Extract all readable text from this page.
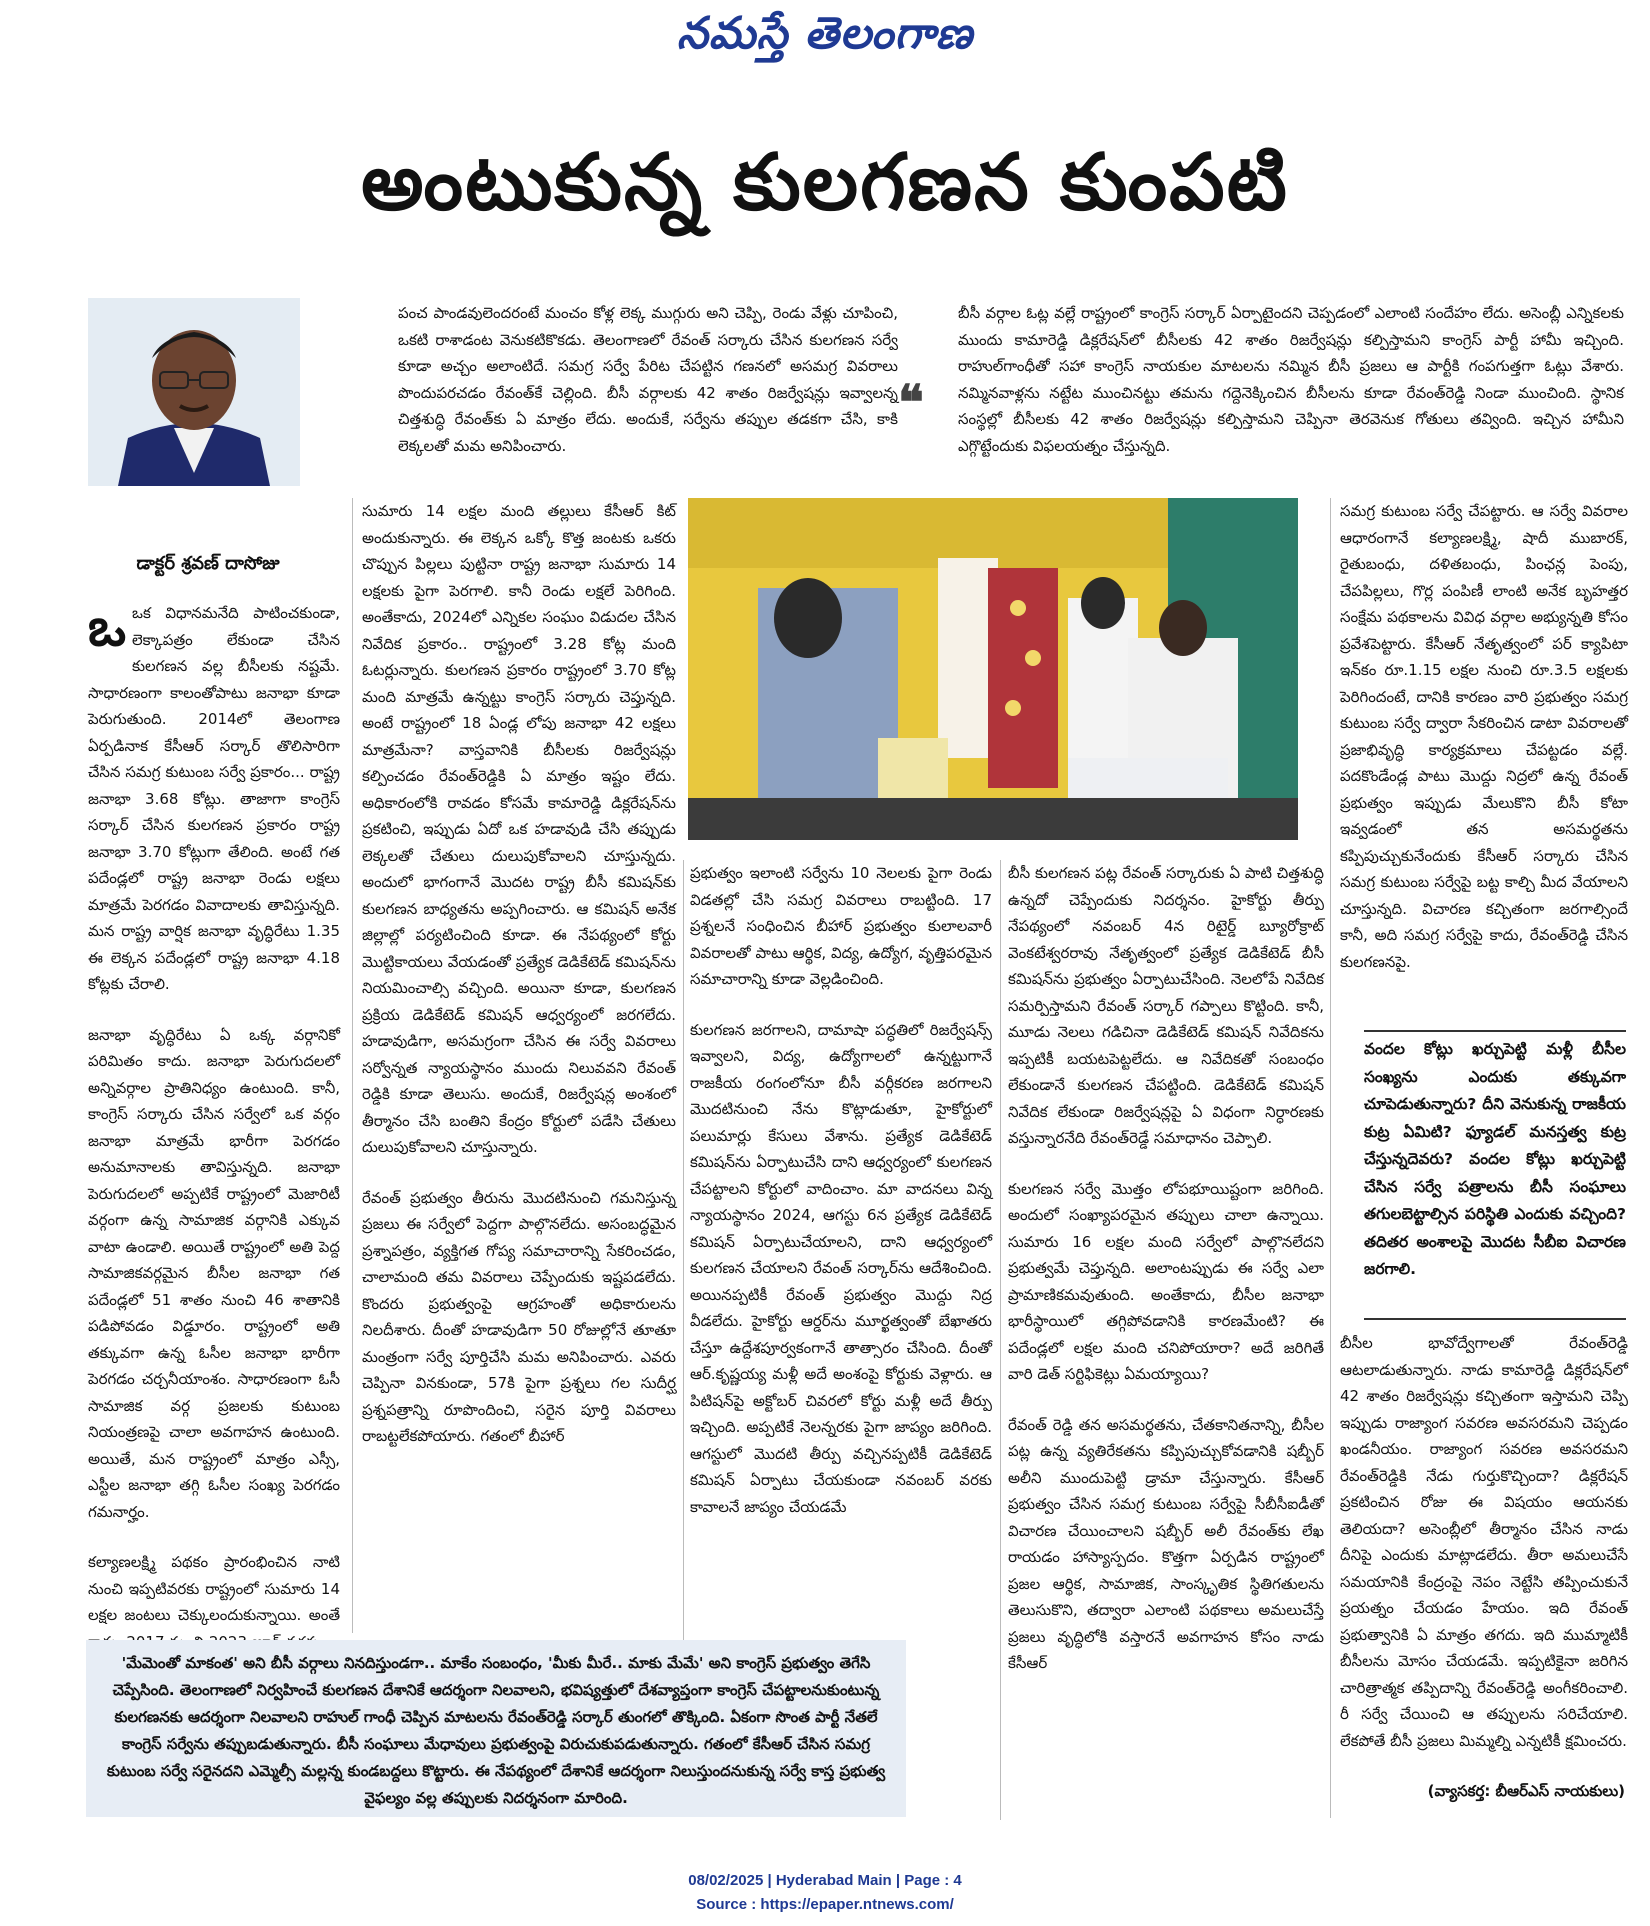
నమస్తే తెలంగాణ
అంటుకున్న కులగణన కుంపటి
డాక్టర్ శ్రవణ్ దాసోజు

పంచ పాండవులెందరంటే మంచం కోళ్ల లెక్క ముగ్గురు అని చెప్పి, రెండు వేళ్లు చూపించి, ఒకటి రాశాడంట వెనుకటికొకడు. తెలంగాణలో రేవంత్ సర్కారు చేసిన కులగణన సర్వే కూడా అచ్చం అలాంటిదే. సమగ్ర సర్వే పేరిట చేపట్టిన గణనలో అసమగ్ర వివరాలు పొందుపరచడం రేవంత్‌కే చెల్లింది. బీసీ వర్గాలకు 42 శాతం రిజర్వేషన్లు ఇవ్వాలన్న చిత్తశుద్ధి రేవంత్‌కు ఏ మాత్రం లేదు. అందుకే, సర్వేను తప్పుల తడకగా చేసి, కాకి లెక్కలతో మమ అనిపించారు.

❝

బీసీ వర్గాల ఓట్ల వల్లే రాష్ట్రంలో కాంగ్రెస్ సర్కార్ ఏర్పాటైందని చెప్పడంలో ఎలాంటి సందేహం లేదు. అసెంబ్లీ ఎన్నికలకు ముందు కామారెడ్డి డిక్లరేషన్‌లో బీసీలకు 42 శాతం రిజర్వేషన్లు కల్పిస్తామని కాంగ్రెస్ పార్టీ హామీ ఇచ్చింది. రాహుల్‌గాంధీతో సహా కాంగ్రెస్ నాయకుల మాటలను నమ్మిన బీసీ ప్రజలు ఆ పార్టీకి గంపగుత్తగా ఓట్లు వేశారు. నమ్మినవాళ్లను నట్టేట ముంచినట్టు తమను గద్దెనెక్కించిన బీసీలను కూడా రేవంత్‌రెడ్డి నిండా ముంచింది. స్థానిక సంస్థల్లో బీసీలకు 42 శాతం రిజర్వేషన్లు కల్పిస్తామని చెప్పినా తెరవెనుక గోతులు తవ్వింది. ఇచ్చిన హామీని ఎగ్గొట్టేందుకు విఫలయత్నం చేస్తున్నది.

ఒఒక విధానమనేది పాటించకుండా, లెక్కాపత్రం లేకుండా చేసిన కులగణన వల్ల బీసీలకు నష్టమే. సాధారణంగా కాలంతోపాటు జనాభా కూడా పెరుగుతుంది. 2014లో తెలంగాణ ఏర్పడినాక కేసీఆర్ సర్కార్ తొలిసారిగా చేసిన సమగ్ర కుటుంబ సర్వే ప్రకారం... రాష్ట్ర జనాభా 3.68 కోట్లు. తాజాగా కాంగ్రెస్ సర్కార్ చేసిన కులగణన ప్రకారం రాష్ట్ర జనాభా 3.70 కోట్లుగా తేలింది. అంటే గత పదేండ్లలో రాష్ట్ర జనాభా రెండు లక్షలు మాత్రమే పెరగడం వివాదాలకు తావిస్తున్నది. మన రాష్ట్ర వార్షిక జనాభా వృద్ధిరేటు 1.35 ఈ లెక్కన పదేండ్లలో రాష్ట్ర జనాభా 4.18 కోట్లకు చేరాలి.

జనాభా వృద్ధిరేటు ఏ ఒక్క వర్గానికో పరిమితం కాదు. జనాభా పెరుగుదలలో అన్నివర్గాల ప్రాతినిధ్యం ఉంటుంది. కానీ, కాంగ్రెస్ సర్కారు చేసిన సర్వేలో ఒక వర్గం జనాభా మాత్రమే భారీగా పెరగడం అనుమానాలకు తావిస్తున్నది. జనాభా పెరుగుదలలో అప్పటికే రాష్ట్రంలో మెజారిటీ వర్గంగా ఉన్న సామాజిక వర్గానికి ఎక్కువ వాటా ఉండాలి. అయితే రాష్ట్రంలో అతి పెద్ద సామాజికవర్గమైన బీసీల జనాభా గత పదేండ్లలో 51 శాతం నుంచి 46 శాతానికి పడిపోవడం విడ్డూరం. రాష్ట్రంలో అతి తక్కువగా ఉన్న ఓసీల జనాభా భారీగా పెరగడం చర్చనీయాంశం. సాధారణంగా ఓసీ సామాజిక వర్గ ప్రజలకు కుటుంబ నియంత్రణపై చాలా అవగాహన ఉంటుంది. అయితే, మన రాష్ట్రంలో మాత్రం ఎస్సీ, ఎస్టీల జనాభా తగ్గి ఓసీల సంఖ్య పెరగడం గమనార్హం.

కల్యాణలక్ష్మి పథకం ప్రారంభించిన నాటి నుంచి ఇప్పటివరకు రాష్ట్రంలో సుమారు 14 లక్షల జంటలు చెక్కులందుకున్నాయి. అంతే

సుమారు 14 లక్షల మంది తల్లులు కేసీఆర్ కిట్ అందుకున్నారు. ఈ లెక్కన ఒక్కో కొత్త జంటకు ఒకరు చొప్పున పిల్లలు పుట్టినా రాష్ట్ర జనాభా సుమారు 14 లక్షలకు పైగా పెరగాలి. కానీ రెండు లక్షలే పెరిగింది. అంతేకాదు, 2024లో ఎన్నికల సంఘం విడుదల చేసిన నివేదిక ప్రకారం.. రాష్ట్రంలో 3.28 కోట్ల మంది ఓటర్లున్నారు. కులగణన ప్రకారం రాష్ట్రంలో 3.70 కోట్ల మంది మాత్రమే ఉన్నట్టు కాంగ్రెస్ సర్కారు చెప్తున్నది. అంటే రాష్ట్రంలో 18 ఏండ్ల లోపు జనాభా 42 లక్షలు మాత్రమేనా? వాస్తవానికి బీసీలకు రిజర్వేషన్లు కల్పించడం రేవంత్‌రెడ్డికి ఏ మాత్రం ఇష్టం లేదు. అధికారంలోకి రావడం కోసమే కామారెడ్డి డిక్లరేషన్‌ను ప్రకటించి, ఇప్పుడు ఏదో ఒక హడావుడి చేసి తప్పుడు లెక్కలతో చేతులు దులుపుకోవాలని చూస్తున్నదు. అందులో భాగంగానే మొదట రాష్ట్ర బీసీ కమిషన్‌కు కులగణన బాధ్యతను అప్పగించారు. ఆ కమిషన్ అనేక జిల్లాల్లో పర్యటించింది కూడా. ఈ నేపథ్యంలో కోర్టు మొట్టికాయలు వేయడంతో ప్రత్యేక డెడికేటెడ్ కమిషన్‌ను నియమించాల్సి వచ్చింది. అయినా కూడా, కులగణన ప్రక్రియ డెడికేటెడ్ కమిషన్ ఆధ్వర్యంలో జరగలేదు. హడావుడిగా, అసమగ్రంగా చేసిన ఈ సర్వే వివరాలు సర్వోన్నత న్యాయస్థానం ముందు నిలువవని రేవంత్ రెడ్డికి కూడా తెలుసు. అందుకే, రిజర్వేషన్ల అంశంలో తీర్మానం చేసి బంతిని కేంద్రం కోర్టులో పడేసి చేతులు దులుపుకోవాలని చూస్తున్నారు.

రేవంత్ ప్రభుత్వం తీరును మొదటినుంచి గమనిస్తున్న ప్రజలు ఈ సర్వేలో పెద్దగా పాల్గొనలేదు. అసంబద్ధమైన ప్రశ్నాపత్రం, వ్యక్తిగత గోప్య సమాచారాన్ని సేకరించడం, చాలామంది తమ వివరాలు చెప్పేందుకు ఇష్టపడలేదు. కొందరు ప్రభుత్వంపై ఆగ్రహంతో అధికారులను నిలదీశారు. దీంతో హడావుడిగా 50 రోజుల్లోనే తూతూ మంత్రంగా సర్వే పూర్తిచేసి మమ అనిపించారు. ఎవరు చెప్పినా వినకుండా, 57కి పైగా ప్రశ్నలు గల సుదీర్ఘ ప్రశ్నపత్రాన్ని రూపొందించి, సరైన పూర్తి వివరాలు రాబట్టలేకపోయారు. గతంలో బీహార్

ప్రభుత్వం ఇలాంటి సర్వేను 10 నెలలకు పైగా రెండు విడతల్లో చేసి సమగ్ర వివరాలు రాబట్టింది. 17 ప్రశ్నలనే సంధించిన బీహార్ ప్రభుత్వం కులాలవారీ వివరాలతో పాటు ఆర్థిక, విద్య, ఉద్యోగ, వృత్తిపరమైన సమాచారాన్ని కూడా వెల్లడించింది.

కులగణన జరగాలని, దామాషా పద్ధతిలో రిజర్వేషన్స్ ఇవ్వాలని, విద్య, ఉద్యోగాలలో ఉన్నట్టుగానే రాజకీయ రంగంలోనూ బీసీ వర్గీకరణ జరగాలని మొదటినుంచి నేను కొట్లాడుతూ, హైకోర్టులో పలుమార్లు కేసులు వేశాను. ప్రత్యేక డెడికేటెడ్ కమిషన్‌ను ఏర్పాటుచేసి దాని ఆధ్వర్యంలో కులగణన చేపట్టాలని కోర్టులో వాదించాం. మా వాదనలు విన్న న్యాయస్థానం 2024, ఆగస్టు 6న ప్రత్యేక డెడికేటెడ్ కమిషన్ ఏర్పాటుచేయాలని, దాని ఆధ్వర్యంలో కులగణన చేయాలని రేవంత్ సర్కార్‌ను ఆదేశించింది. అయినప్పటికీ రేవంత్ ప్రభుత్వం మొద్దు నిద్ర వీడలేదు. హైకోర్టు ఆర్డర్‌ను మూర్ఖత్వంతో బేఖాతరు చేస్తూ ఉద్దేశపూర్వకంగానే తాత్సారం చేసింది. దీంతో ఆర్.కృష్ణయ్య మళ్లీ అదే అంశంపై కోర్టుకు వెళ్లారు. ఆ పిటిషన్‌పై అక్టోబర్ చివరలో కోర్టు మళ్లీ అదే తీర్పు ఇచ్చింది. అప్పటికే నెలన్నరకు పైగా జాప్యం జరిగింది. ఆగస్టులో మొదటి తీర్పు వచ్చినప్పటికీ డెడికేటెడ్ కమిషన్ ఏర్పాటు చేయకుండా నవంబర్ వరకు కావాలనే జాప్యం చేయడమే

బీసీ కులగణన పట్ల రేవంత్ సర్కారుకు ఏ పాటి చిత్తశుద్ధి ఉన్నదో చెప్పేందుకు నిదర్శనం. హైకోర్టు తీర్పు నేపథ్యంలో నవంబర్ 4న రిటైర్డ్ బ్యూరోక్రాట్ వెంకటేశ్వరరావు నేతృత్వంలో ప్రత్యేక డెడికేటెడ్ బీసీ కమిషన్‌ను ప్రభుత్వం ఏర్పాటుచేసింది. నెలలోపే నివేదిక సమర్పిస్తామని రేవంత్ సర్కార్ గప్పాలు కొట్టింది. కానీ, మూడు నెలలు గడిచినా డెడికేటెడ్ కమిషన్ నివేదికను ఇప్పటికీ బయటపెట్టలేదు. ఆ నివేదికతో సంబంధం లేకుండానే కులగణన చేపట్టింది. డెడికేటెడ్ కమిషన్ నివేదిక లేకుండా రిజర్వేషన్లపై ఏ విధంగా నిర్ధారణకు వస్తున్నారనేది రేవంత్‌రెడ్డే సమాధానం చెప్పాలి.

కులగణన సర్వే మొత్తం లోపభూయిష్టంగా జరిగింది. అందులో సంఖ్యాపరమైన తప్పులు చాలా ఉన్నాయి. సుమారు 16 లక్షల మంది సర్వేలో పాల్గొనలేదని ప్రభుత్వమే చెప్తున్నది. అలాంటప్పుడు ఈ సర్వే ఎలా ప్రామాణికమవుతుంది. అంతేకాదు, బీసీల జనాభా భారీస్థాయిలో తగ్గిపోవడానికి కారణమేంటి? ఈ పదేండ్లలో లక్షల మంది చనిపోయారా? అదే జరిగితే వారి డెత్ సర్టిఫికెట్లు ఏమయ్యాయి?

రేవంత్ రెడ్డి తన అసమర్థతను, చేతకానితనాన్ని, బీసీల పట్ల ఉన్న వ్యతిరేకతను కప్పిపుచ్చుకోవడానికి షబ్బీర్ అలీని ముందుపెట్టి డ్రామా చేస్తున్నారు. కేసీఆర్ ప్రభుత్వం చేసిన సమగ్ర కుటుంబ సర్వేపై సీబీసీఐడీతో విచారణ చేయించాలని షబ్బీర్ అలీ రేవంత్‌కు లేఖ రాయడం హాస్యాస్పదం. కొత్తగా ఏర్పడిన రాష్ట్రంలో ప్రజల ఆర్థిక, సామాజిక, సాంస్కృతిక స్థితిగతులను తెలుసుకొని, తద్వారా ఎలాంటి పథకాలు అమలుచేస్తే ప్రజలు వృద్ధిలోకి వస్తారనే అవగాహన కోసం నాడు కేసీఆర్

సమగ్ర కుటుంబ సర్వే చేపట్టారు. ఆ సర్వే వివరాల ఆధారంగానే కల్యాణలక్ష్మి, షాదీ ముబారక్, రైతుబంధు, దళితబంధు, పింఛన్ల పెంపు, చేపపిల్లలు, గొర్ల పంపిణీ లాంటి అనేక బృహత్తర సంక్షేమ పథకాలను వివిధ వర్గాల అభ్యున్నతి కోసం ప్రవేశపెట్టారు. కేసీఆర్ నేతృత్వంలో పర్ క్యాపిటా ఇన్‌కం రూ.1.15 లక్షల నుంచి రూ.3.5 లక్షలకు పెరిగిందంటే, దానికి కారణం వారి ప్రభుత్వం సమగ్ర కుటుంబ సర్వే ద్వారా సేకరించిన డాటా వివరాలతో ప్రజాభివృద్ధి కార్యక్రమాలు చేపట్టడం వల్లే. పదకొండేండ్ల పాటు మొద్దు నిద్రలో ఉన్న రేవంత్ ప్రభుత్వం ఇప్పుడు మేలుకొని బీసీ కోటా ఇవ్వడంలో తన అసమర్థతను కప్పిపుచ్చుకునేందుకు కేసీఆర్ సర్కారు చేసిన సమగ్ర కుటుంబ సర్వేపై బట్ట కాల్చి మీద వేయాలని చూస్తున్నది. విచారణ కచ్చితంగా జరగాల్సిందే కానీ, అది సమగ్ర సర్వేపై కాదు, రేవంత్‌రెడ్డి చేసిన కులగణనపై.

వందల కోట్లు ఖర్చుపెట్టి మళ్లీ బీసీల సంఖ్యను ఎందుకు తక్కువగా చూపెడుతున్నారు? దీని వెనుకున్న రాజకీయ కుట్ర ఏమిటి? ఫ్యూడల్ మనస్తత్వ కుట్ర చేస్తున్నదెవరు? వందల కోట్లు ఖర్చుపెట్టి చేసిన సర్వే పత్రాలను బీసీ సంఘాలు తగులబెట్టాల్సిన పరిస్థితి ఎందుకు వచ్చింది? తదితర అంశాలపై మొదట సీబీఐ విచారణ జరగాలి.

బీసీల భావోద్వేగాలతో రేవంత్‌రెడ్డి ఆటలాడుతున్నారు. నాడు కామారెడ్డి డిక్లరేషన్‌లో 42 శాతం రిజర్వేషన్లు కచ్చితంగా ఇస్తామని చెప్పి ఇప్పుడు రాజ్యాంగ సవరణ అవసరమని చెప్పడం ఖండనీయం. రాజ్యాంగ సవరణ అవసరమని రేవంత్‌రెడ్డికి నేడు గుర్తుకొచ్చిందా? డిక్లరేషన్ ప్రకటించిన రోజు ఈ విషయం ఆయనకు తెలియదా? అసెంబ్లీలో తీర్మానం చేసిన నాడు దీనిపై ఎందుకు మాట్లాడలేదు. తీరా అమలుచేసే సమయానికి కేంద్రంపై నెపం నెట్టేసి తప్పించుకునే ప్రయత్నం చేయడం హేయం. ఇది రేవంత్ ప్రభుత్వానికి ఏ మాత్రం తగదు. ఇది ముమ్మాటికీ బీసీలను మోసం చేయడమే. ఇప్పటికైనా జరిగిన చారిత్రాత్మక తప్పిదాన్ని రేవంత్‌రెడ్డి అంగీకరించాలి. రీ సర్వే చేయించి ఆ తప్పులను సరిచేయాలి. లేకపోతే బీసీ ప్రజలు మిమ్మల్ని ఎన్నటికీ క్షమించరు.

(వ్యాసకర్త: బీఆర్ఎస్ నాయకులు)
'మేమెంతో మాకంత' అని బీసీ వర్గాలు నినదిస్తుండగా.. మాకేం సంబంధం, 'మీకు మీరే.. మాకు మేమే' అని కాంగ్రెస్ ప్రభుత్వం తెగేసి చెప్పేసింది. తెలంగాణలో నిర్వహించే కులగణన దేశానికే ఆదర్శంగా నిలవాలని, భవిష్యత్తులో దేశవ్యాప్తంగా కాంగ్రెస్ చేపట్టాలనుకుంటున్న కులగణనకు ఆదర్శంగా నిలవాలని రాహుల్ గాంధీ చెప్పిన మాటలను రేవంత్‌రెడ్డి సర్కార్ తుంగలో తొక్కింది. ఏకంగా సొంత పార్టీ నేతలే కాంగ్రెస్ సర్వేను తప్పుబడుతున్నారు. బీసీ సంఘాలు మేధావులు ప్రభుత్వంపై విరుచుకుపడుతున్నారు. గతంలో కేసీఆర్ చేసిన సమగ్ర కుటుంబ సర్వే సరైనదని ఎమ్మెల్సీ మల్లన్న కుండబద్దలు కొట్టారు. ఈ నేపథ్యంలో దేశానికే ఆదర్శంగా నిలుస్తుందనుకున్న సర్వే కాస్త ప్రభుత్వ వైఫల్యం వల్ల తప్పులకు నిదర్శనంగా మారింది.
08/02/2025 | Hyderabad Main | Page : 4
Source : https://epaper.ntnews.com/
